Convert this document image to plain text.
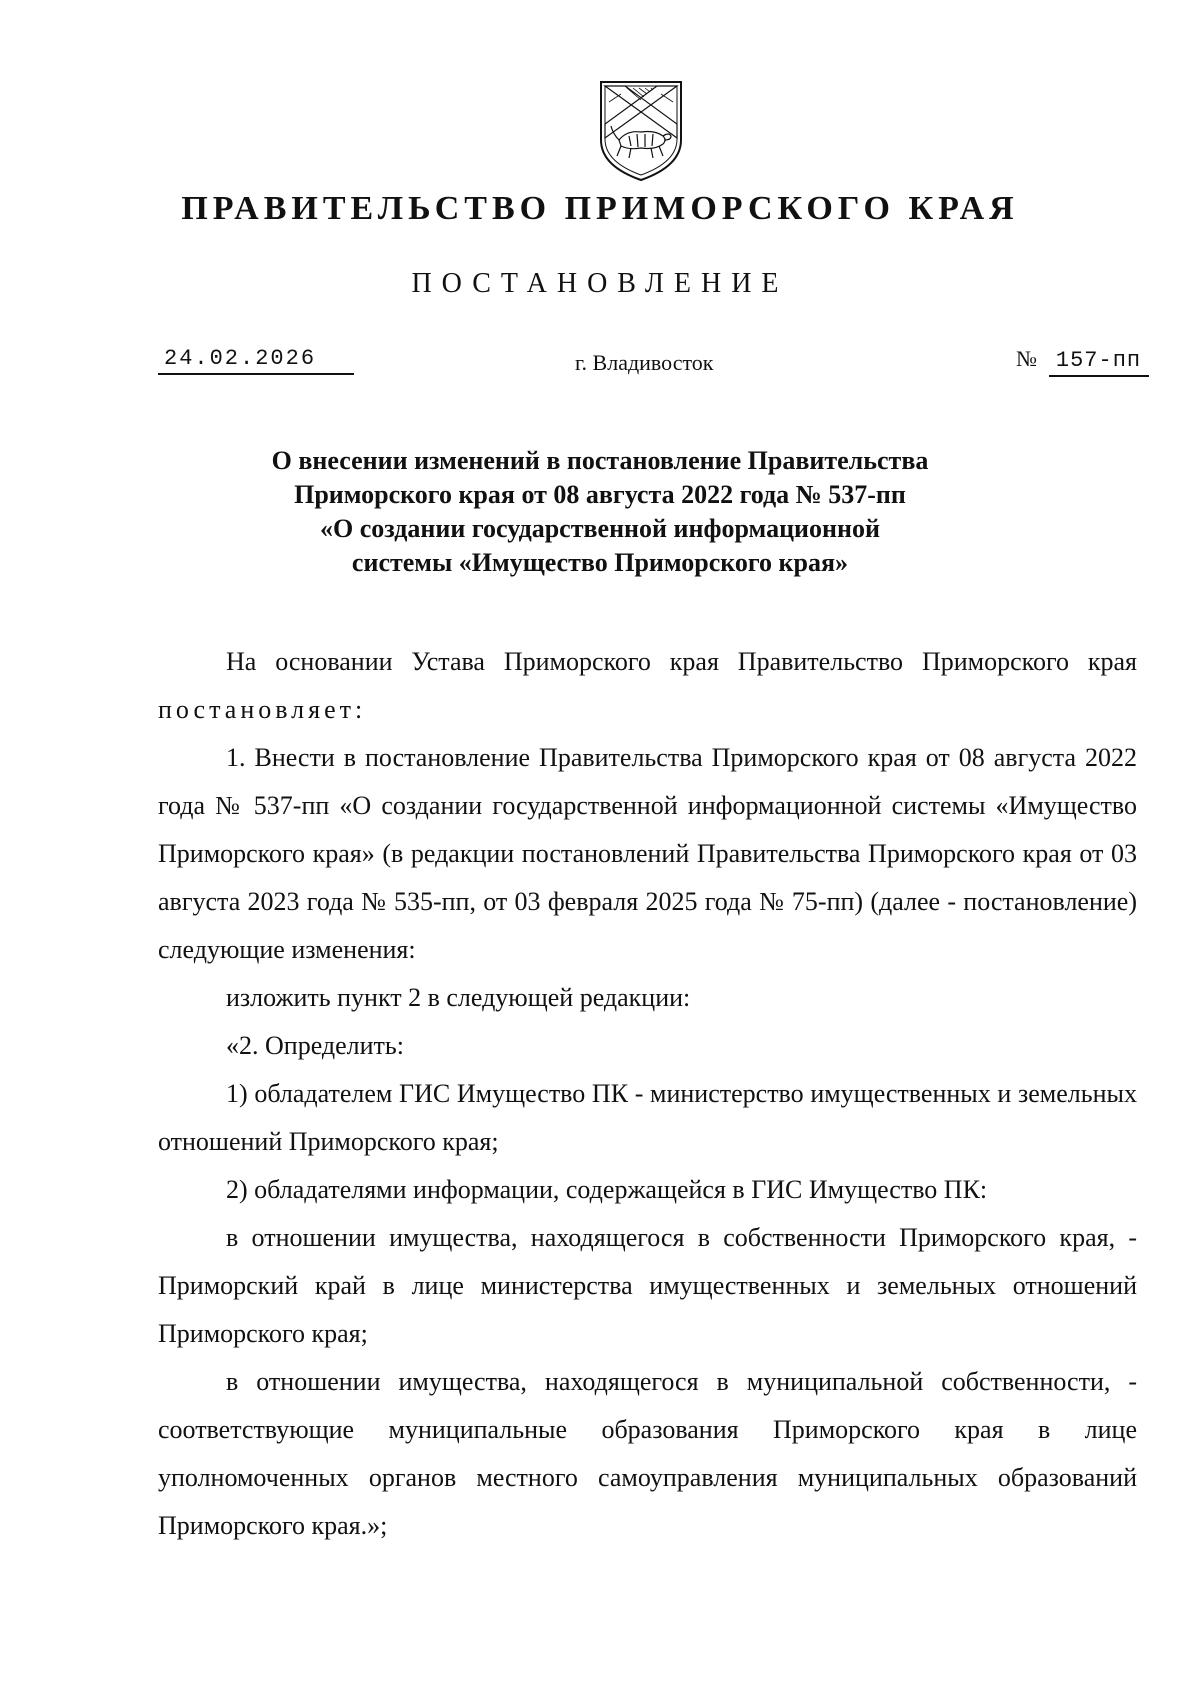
ПРАВИТЕЛЬСТВО ПРИМОРСКОГО КРАЯ
ПОСТАНОВЛЕНИЕ
24.02.2026	г. Владивосток	№ 157-пп
О внесении изменений в постановление Правительства
Приморского края от 08 августа 2022 года № 537-пп
«О создании государственной информационной
системы «Имущество Приморского края»

На основании Устава Приморского края Правительство Приморского края постановляет:

1. Внести в постановление Правительства Приморского края от 08 августа 2022 года № 537-пп «О создании государственной информационной системы «Имущество Приморского края» (в редакции постановлений Правительства Приморского края от 03 августа 2023 года № 535-пп, от 03 февраля 2025 года № 75-пп) (далее - постановление) следующие изменения:

изложить пункт 2 в следующей редакции:

«2. Определить:

1) обладателем ГИС Имущество ПК - министерство имущественных и земельных отношений Приморского края;

2) обладателями информации, содержащейся в ГИС Имущество ПК:

в отношении имущества, находящегося в собственности Приморского края, - Приморский край в лице министерства имущественных и земельных отношений Приморского края;

в отношении имущества, находящегося в муниципальной собственности, - соответствующие муниципальные образования Приморского края в лице уполномоченных органов местного самоуправления муниципальных образований Приморского края.»;
